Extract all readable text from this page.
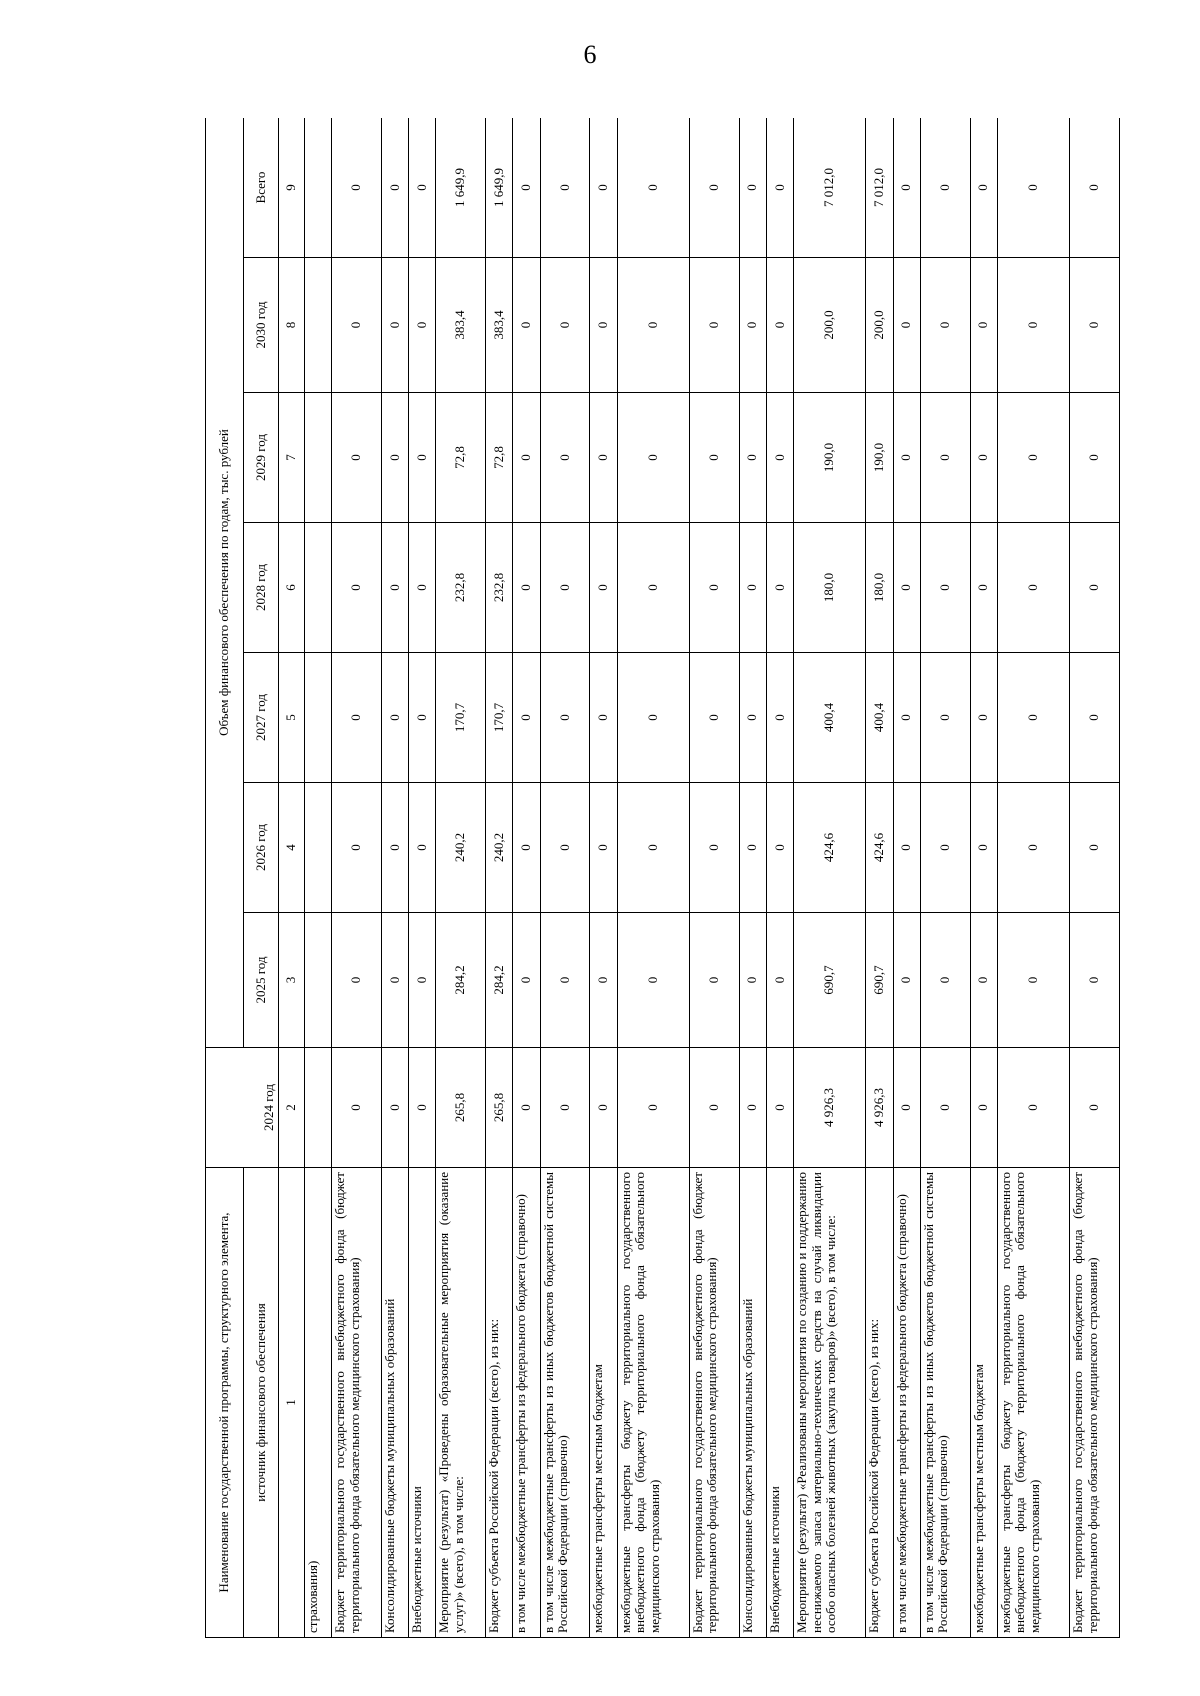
6
Наименование государственной программы, структурного элемента,	2024 год	Объем финансового обеспечения по годам, тыс. рублей						
источник финансового обеспечения		2025 год	2026 год	2027 год	2028 год	2029 год	2030 год	Всего
1	2	3	4	5	6	7	8	9
страхования)								
Бюджет территориального государственного внебюджетного фонда (бюджет территориального фонда обязательного медицинского страхования)	0	0	0	0	0	0	0	0
Консолидированные бюджеты муниципальных образований	0	0	0	0	0	0	0	0
Внебюджетные источники	0	0	0	0	0	0	0	0
Мероприятие (результат) «Проведены образовательные мероприятия (оказание услуг)» (всего), в том числе:	265,8	284,2	240,2	170,7	232,8	72,8	383,4	1 649,9
Бюджет субъекта Российской Федерации (всего), из них:	265,8	284,2	240,2	170,7	232,8	72,8	383,4	1 649,9
в том числе межбюджетные трансферты из федерального бюджета (справочно)	0	0	0	0	0	0	0	0
в том числе межбюджетные трансферты из иных бюджетов бюджетной системы Российской Федерации (справочно)	0	0	0	0	0	0	0	0
межбюджетные трансферты местным бюджетам	0	0	0	0	0	0	0	0
межбюджетные трансферты бюджету территориального государственного внебюджетного фонда (бюджету территориального фонда обязательного медицинского страхования)	0	0	0	0	0	0	0	0
Бюджет территориального государственного внебюджетного фонда (бюджет территориального фонда обязательного медицинского страхования)	0	0	0	0	0	0	0	0
Консолидированные бюджеты муниципальных образований	0	0	0	0	0	0	0	0
Внебюджетные источники	0	0	0	0	0	0	0	0
Мероприятие (результат) «Реализованы мероприятия по созданию и поддержанию неснижаемого запаса материально-технических средств на случай ликвидации особо опасных болезней животных (закупка товаров)» (всего), в том числе:	4 926,3	690,7	424,6	400,4	180,0	190,0	200,0	7 012,0
Бюджет субъекта Российской Федерации (всего), из них:	4 926,3	690,7	424,6	400,4	180,0	190,0	200,0	7 012,0
в том числе межбюджетные трансферты из федерального бюджета (справочно)	0	0	0	0	0	0	0	0
в том числе межбюджетные трансферты из иных бюджетов бюджетной системы Российской Федерации (справочно)	0	0	0	0	0	0	0	0
межбюджетные трансферты местным бюджетам	0	0	0	0	0	0	0	0
межбюджетные трансферты бюджету территориального государственного внебюджетного фонда (бюджету территориального фонда обязательного медицинского страхования)	0	0	0	0	0	0	0	0
Бюджет территориального государственного внебюджетного фонда (бюджет территориального фонда обязательного медицинского страхования)	0	0	0	0	0	0	0	0
